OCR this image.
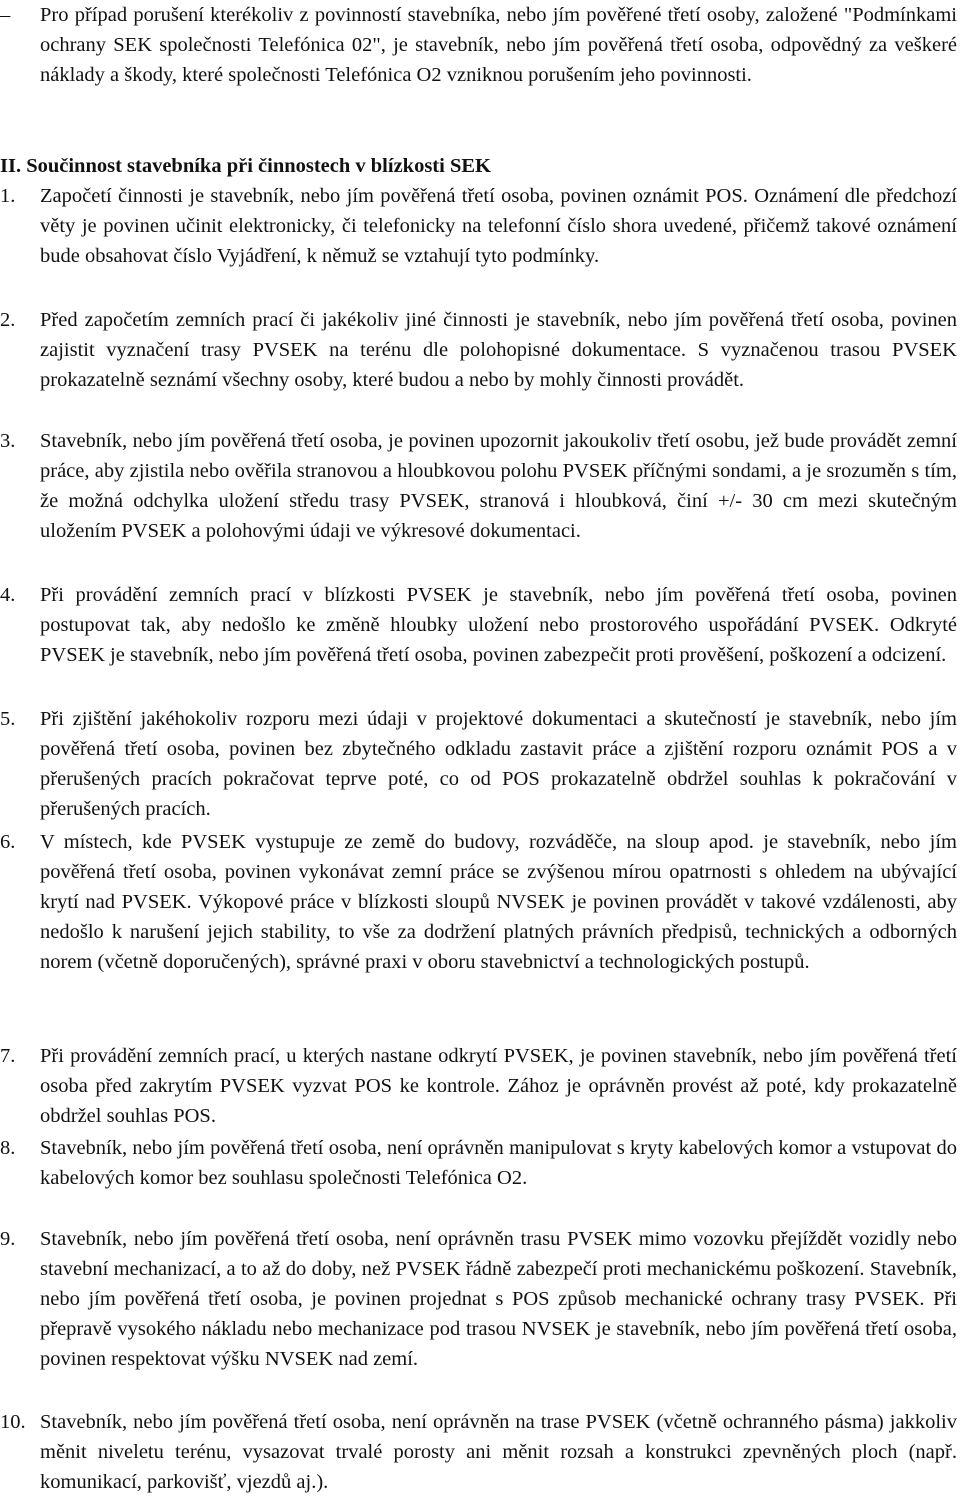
–	Pro případ porušení kterékoliv z povinností stavebníka, nebo jím pověřené třetí osoby, založené "Podmínkami ochrany SEK společnosti Telefónica 02", je stavebník, nebo jím pověřená třetí osoba, odpovědný za veškeré náklady a škody, které společnosti Telefónica O2 vzniknou porušením jeho povinnosti.
II. Součinnost stavebníka při činnostech v blízkosti SEK
1.	Započetí činnosti je stavebník, nebo jím pověřená třetí osoba, povinen oznámit POS. Oznámení dle předchozí věty je povinen učinit elektronicky, či telefonicky na telefonní číslo shora uvedené, přičemž takové oznámení bude obsahovat číslo Vyjádření, k němuž se vztahují tyto podmínky.
2.	Před započetím zemních prací či jakékoliv jiné činnosti je stavebník, nebo jím pověřená třetí osoba, povinen zajistit vyznačení trasy PVSEK na terénu dle polohopisné dokumentace. S vyznačenou trasou PVSEK prokazatelně seznámí všechny osoby, které budou a nebo by mohly činnosti provádět.
3.	Stavebník, nebo jím pověřená třetí osoba, je povinen upozornit jakoukoliv třetí osobu, jež bude provádět zemní práce, aby zjistila nebo ověřila stranovou a hloubkovou polohu PVSEK příčnými sondami, a je srozuměn s tím, že možná odchylka uložení středu trasy PVSEK, stranová i hloubková, činí +/- 30 cm mezi skutečným uložením PVSEK a polohovými údaji ve výkresové dokumentaci.
4.	Při provádění zemních prací v blízkosti PVSEK je stavebník, nebo jím pověřená třetí osoba, povinen postupovat tak, aby nedošlo ke změně hloubky uložení nebo prostorového uspořádání PVSEK. Odkryté PVSEK je stavebník, nebo jím pověřená třetí osoba, povinen zabezpečit proti prověšení, poškození a odcizení.
5.	Při zjištění jakéhokoliv rozporu mezi údaji v projektové dokumentaci a skutečností je stavebník, nebo jím pověřená třetí osoba, povinen bez zbytečného odkladu zastavit práce a zjištění rozporu oznámit POS a v přerušených pracích pokračovat teprve poté, co od POS prokazatelně obdržel souhlas k pokračování v přerušených pracích.
6.	V místech, kde PVSEK vystupuje ze země do budovy, rozváděče, na sloup apod. je stavebník, nebo jím pověřená třetí osoba, povinen vykonávat zemní práce se zvýšenou mírou opatrnosti s ohledem na ubývající krytí nad PVSEK. Výkopové práce v blízkosti sloupů NVSEK je povinen provádět v takové vzdálenosti, aby nedošlo k narušení jejich stability, to vše za dodržení platných právních předpisů, technických a odborných norem (včetně doporučených), správné praxi v oboru stavebnictví a technologických postupů.
7.	Při provádění zemních prací, u kterých nastane odkrytí PVSEK, je povinen stavebník, nebo jím pověřená třetí osoba před zakrytím PVSEK vyzvat POS ke kontrole. Zához je oprávněn provést až poté, kdy prokazatelně obdržel souhlas POS.
8.	Stavebník, nebo jím pověřená třetí osoba, není oprávněn manipulovat s kryty kabelových komor a vstupovat do kabelových komor bez souhlasu společnosti Telefónica O2.
9.	Stavebník, nebo jím pověřená třetí osoba, není oprávněn trasu PVSEK mimo vozovku přejíždět vozidly nebo stavební mechanizací, a to až do doby, než PVSEK řádně zabezpečí proti mechanickému poškození. Stavebník, nebo jím pověřená třetí osoba, je povinen projednat s POS způsob mechanické ochrany trasy PVSEK. Při přepravě vysokého nákladu nebo mechanizace pod trasou NVSEK je stavebník, nebo jím pověřená třetí osoba, povinen respektovat výšku NVSEK nad zemí.
10. Stavebník, nebo jím pověřená třetí osoba, není oprávněn na trase PVSEK (včetně ochranného pásma) jakkoliv měnit niveletu terénu, vysazovat trvalé porosty ani měnit rozsah a konstrukci zpevněných ploch (např. komunikací, parkovišť, vjezdů aj.).
